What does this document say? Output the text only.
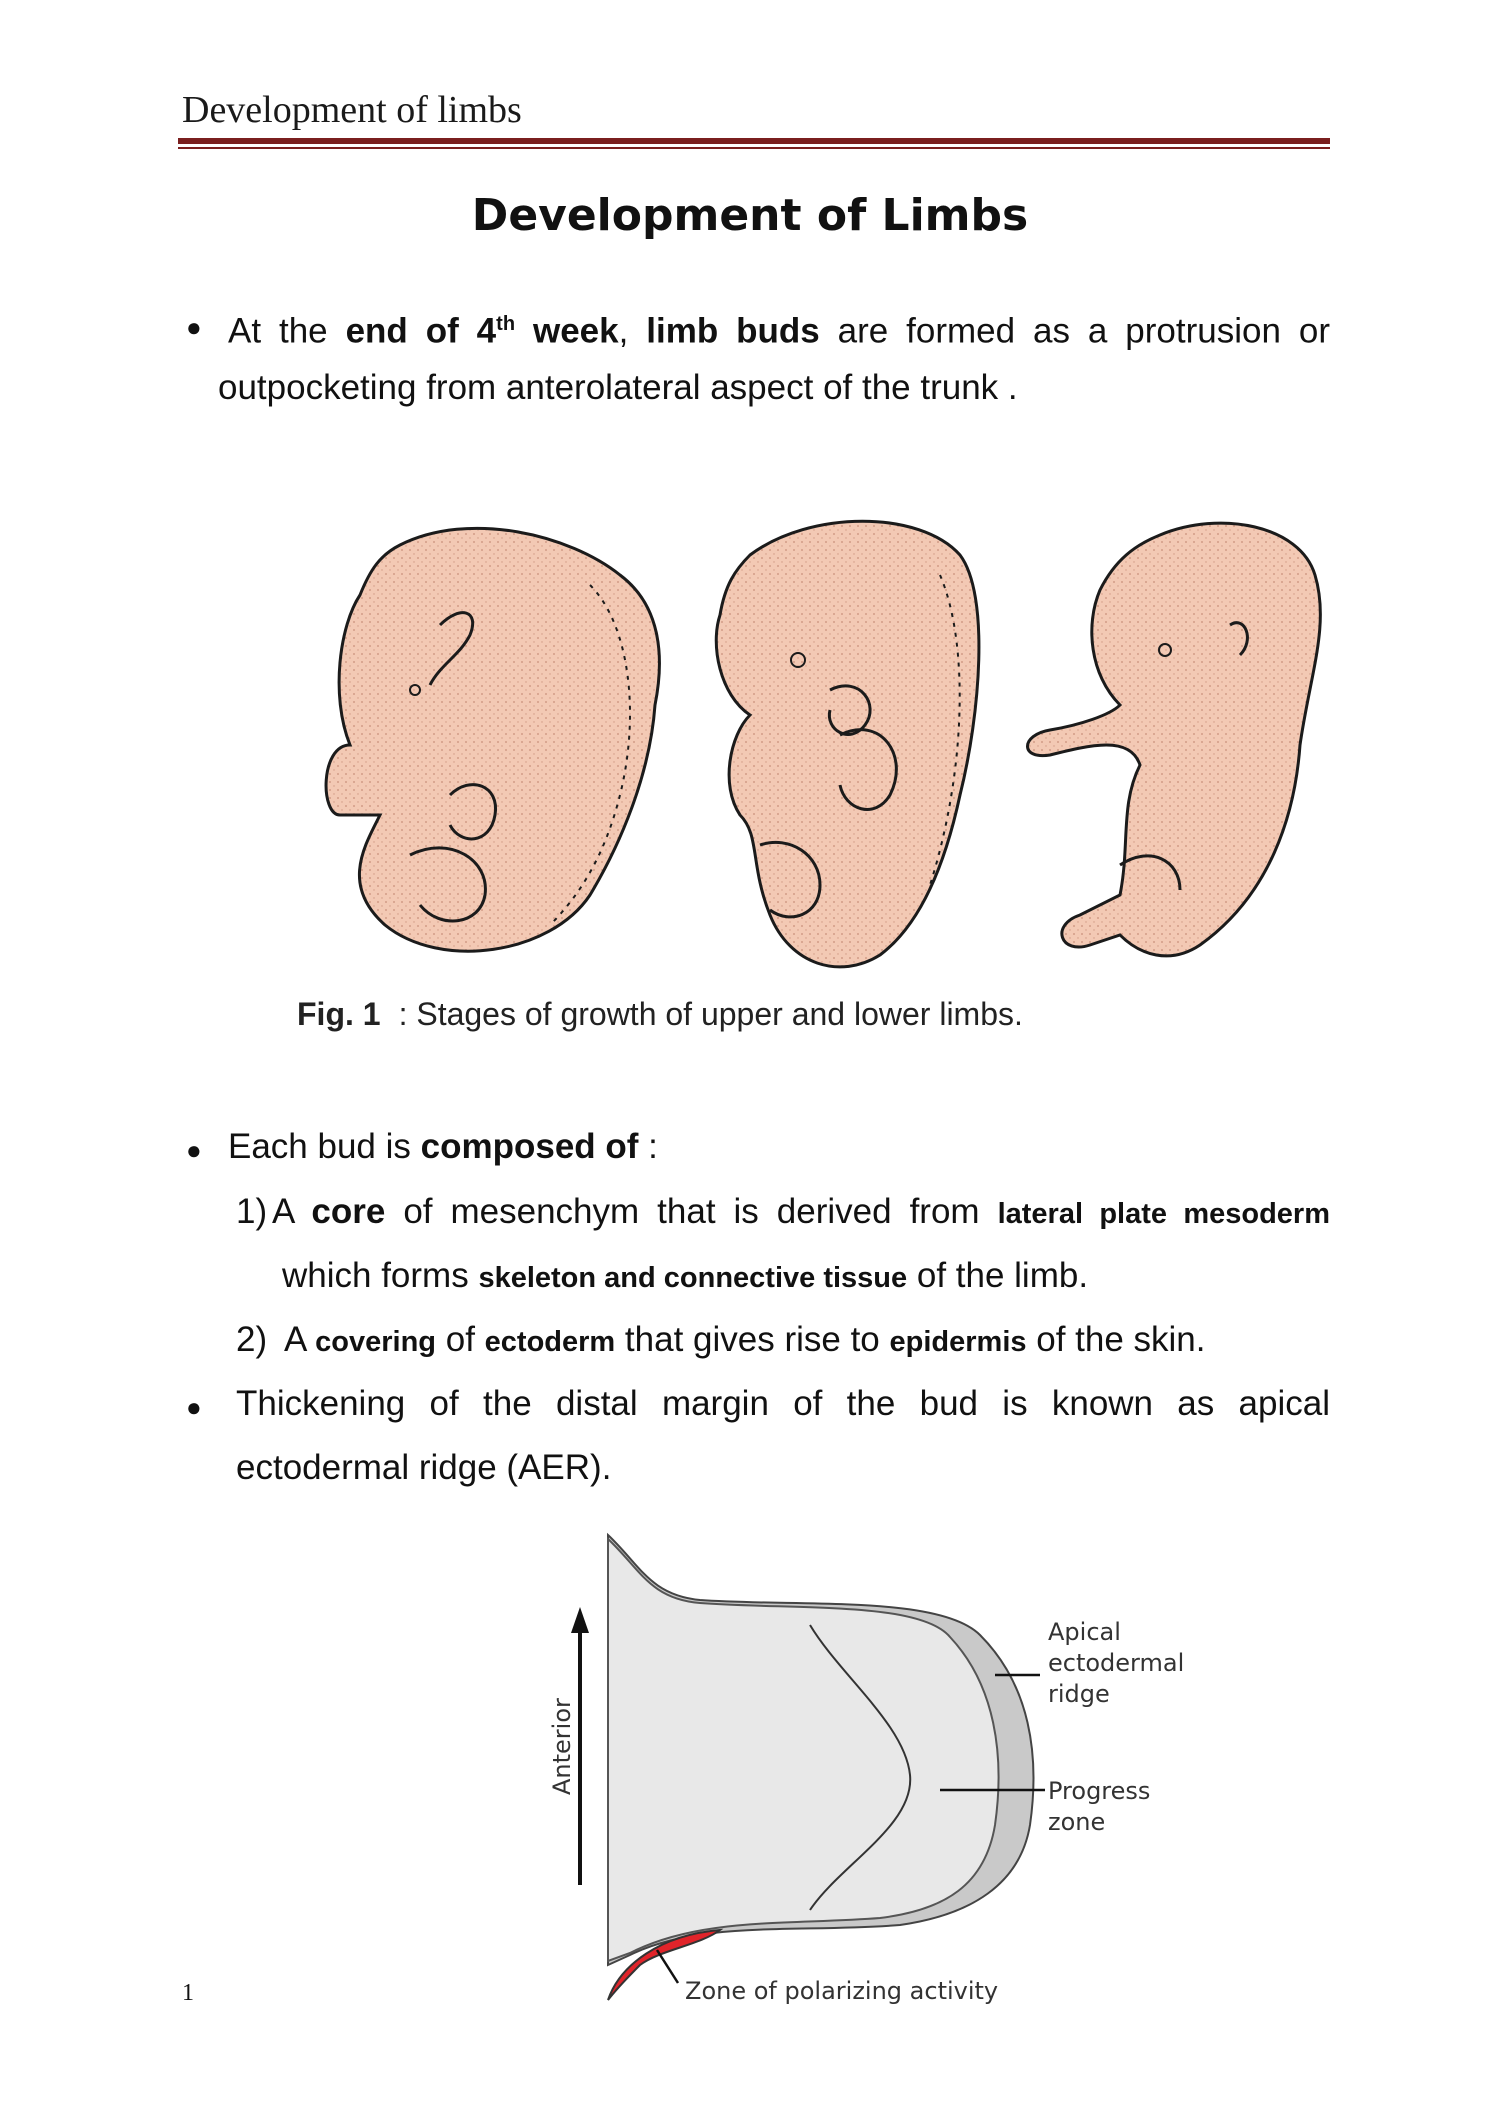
Development of limbs
Development of Limbs
● At the end of 4th week, limb buds are formed as a protrusion or
outpocketing from anterolateral aspect of the trunk .
Fig. 1 : Stages of growth of upper and lower limbs.
● Each bud is composed of :
1) A core of mesenchym that is derived from lateral plate mesoderm
which forms skeleton and connective tissue of the limb.
2) A covering of ectoderm that gives rise to epidermis of the skin.
● Thickening of the distal margin of the bud is known as apical
ectodermal ridge (AER).
Anterior
Apical
ectodermal
ridge
Progress
zone
Zone of polarizing activity
1
